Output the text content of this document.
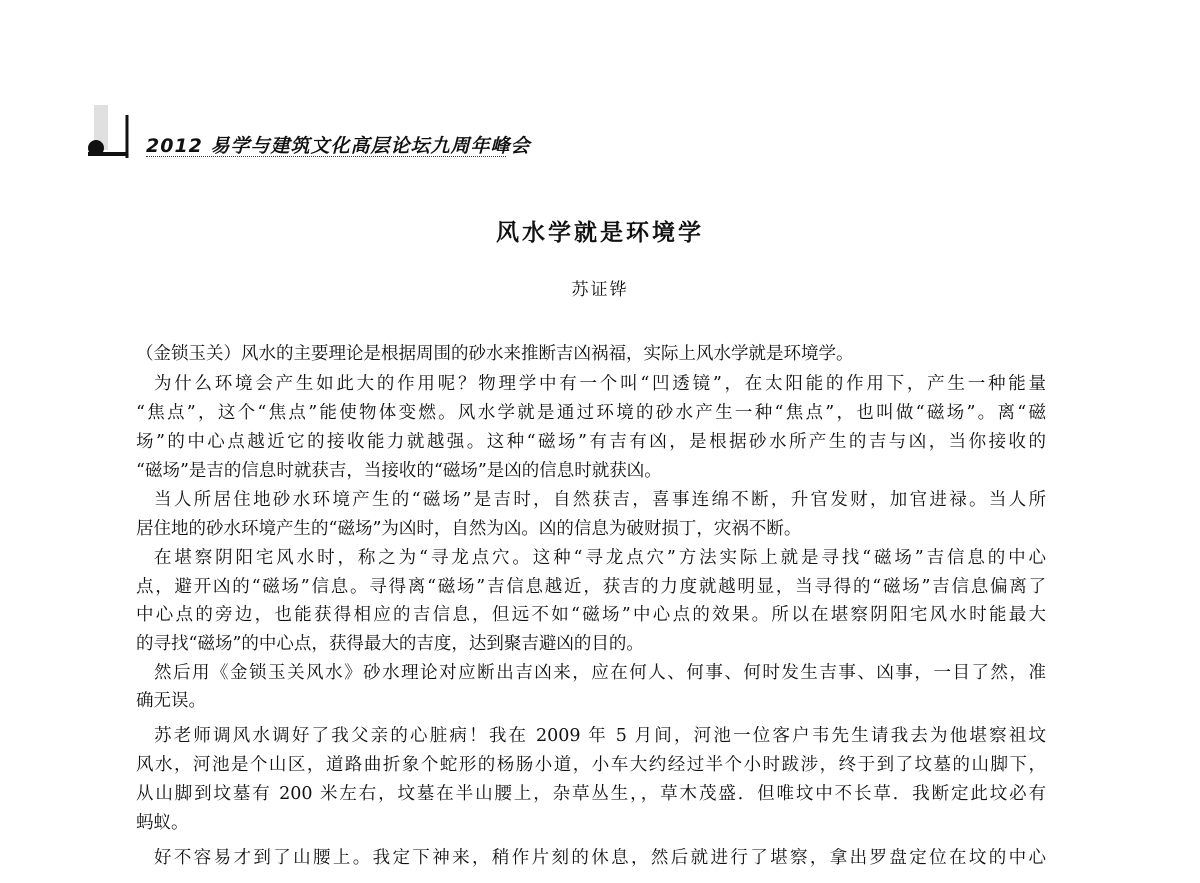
2012 易学与建筑文化高层论坛九周年峰会
风水学就是环境学
苏证铧
（金锁玉关）风水的主要理论是根据周围的砂水来推断吉凶祸福，实际上风水学就是环境学。
为什么环境会产生如此大的作用呢？物理学中有一个叫“凹透镜”，在太阳能的作用下，产生一种能量
“焦点”，这个“焦点”能使物体变燃。风水学就是通过环境的砂水产生一种“焦点”，也叫做“磁场”。离“磁
场”的中心点越近它的接收能力就越强。这种“磁场”有吉有凶，是根据砂水所产生的吉与凶，当你接收的
“磁场”是吉的信息时就获吉，当接收的“磁场”是凶的信息时就获凶。
当人所居住地砂水环境产生的“磁场”是吉时，自然获吉，喜事连绵不断，升官发财，加官进禄。当人所
居住地的砂水环境产生的“磁场”为凶时，自然为凶。凶的信息为破财损丁，灾祸不断。
在堪察阴阳宅风水时，称之为“寻龙点穴。这种“寻龙点穴”方法实际上就是寻找“磁场”吉信息的中心
点，避开凶的“磁场”信息。寻得离“磁场”吉信息越近，获吉的力度就越明显，当寻得的“磁场”吉信息偏离了
中心点的旁边，也能获得相应的吉信息，但远不如“磁场”中心点的效果。所以在堪察阴阳宅风水时能最大
的寻找“磁场”的中心点，获得最大的吉度，达到聚吉避凶的目的。
然后用《金锁玉关风水》砂水理论对应断出吉凶来，应在何人、何事、何时发生吉事、凶事，一目了然，准
确无误。
苏老师调风水调好了我父亲的心脏病！我在 2009 年 5 月间，河池一位客户韦先生请我去为他堪察祖坟
风水，河池是个山区，道路曲折象个蛇形的杨肠小道，小车大约经过半个小时跋涉，终于到了坟墓的山脚下，
从山脚到坟墓有 200 米左右，坟墓在半山腰上，杂草丛生，，草木茂盛．但唯坟中不长草．我断定此坟必有
蚂蚁。
好不容易才到了山腰上。我定下神来，稍作片刻的休息，然后就进行了堪察，拿出罗盘定位在坟的中心
